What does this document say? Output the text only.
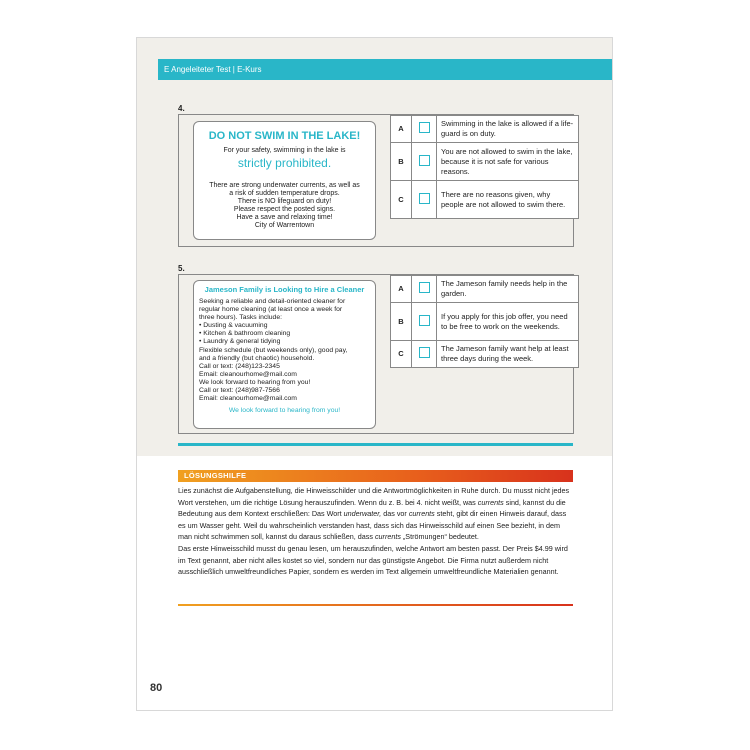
E Angeleiteter Test | E-Kurs
4.
DO NOT SWIM IN THE LAKE!
For your safety, swimming in the lake is
strictly prohibited.
There are strong underwater currents, as well as
a risk of sudden temperature drops.
There is NO lifeguard on duty!
Please respect the posted signs.
Have a save and relaxing time!
City of Warrentown
A		Swimming in the lake is allowed if a life-guard is on duty.
B		You are not allowed to swim in the lake, because it is not safe for various reasons.
C		There are no reasons given, why people are not allowed to swim there.
5.
Jameson Family is Looking to Hire a Cleaner
Seeking a reliable and detail-oriented cleaner for
regular home cleaning (at least once a week for
three hours). Tasks include:
• Dusting & vacuuming
• Kitchen & bathroom cleaning
• Laundry & general tidying
Flexible schedule (but weekends only), good pay,
and a friendly (but chaotic) household.
Call or text: (248)123-2345
Email: cleanourhome@mail.com
We look forward to hearing from you!
Call or text: (248)987-7566
Email: cleanourhome@mail.com
We look forward to hearing from you!
A		The Jameson family needs help in the garden.
B		If you apply for this job offer, you need to be free to work on the weekends.
C		The Jameson family want help at least three days during the week.
LÖSUNGSHILFE

Lies zunächst die Aufgabenstellung, die Hinweisschilder und die Antwortmöglichkeiten in Ruhe durch. Du musst nicht jedes Wort verstehen, um die richtige Lösung herauszufinden. Wenn du z. B. bei 4. nicht weißt, was currents sind, kannst du die Bedeutung aus dem Kontext erschließen: Das Wort underwater, das vor currents steht, gibt dir einen Hinweis darauf, dass es um Wasser geht. Weil du wahrscheinlich verstanden hast, dass sich das Hinweisschild auf einen See bezieht, in dem man nicht schwimmen soll, kannst du daraus schließen, dass currents „Strömungen“ bedeutet.

Das erste Hinweisschild musst du genau lesen, um herauszufinden, welche Antwort am besten passt. Der Preis $4.99 wird im Text genannt, aber nicht alles kostet so viel, sondern nur das günstigste Angebot. Die Firma nutzt außerdem nicht ausschließlich umweltfreundliches Papier, sondern es werden im Text allgemein umweltfreundliche Materialien genannt.

80
